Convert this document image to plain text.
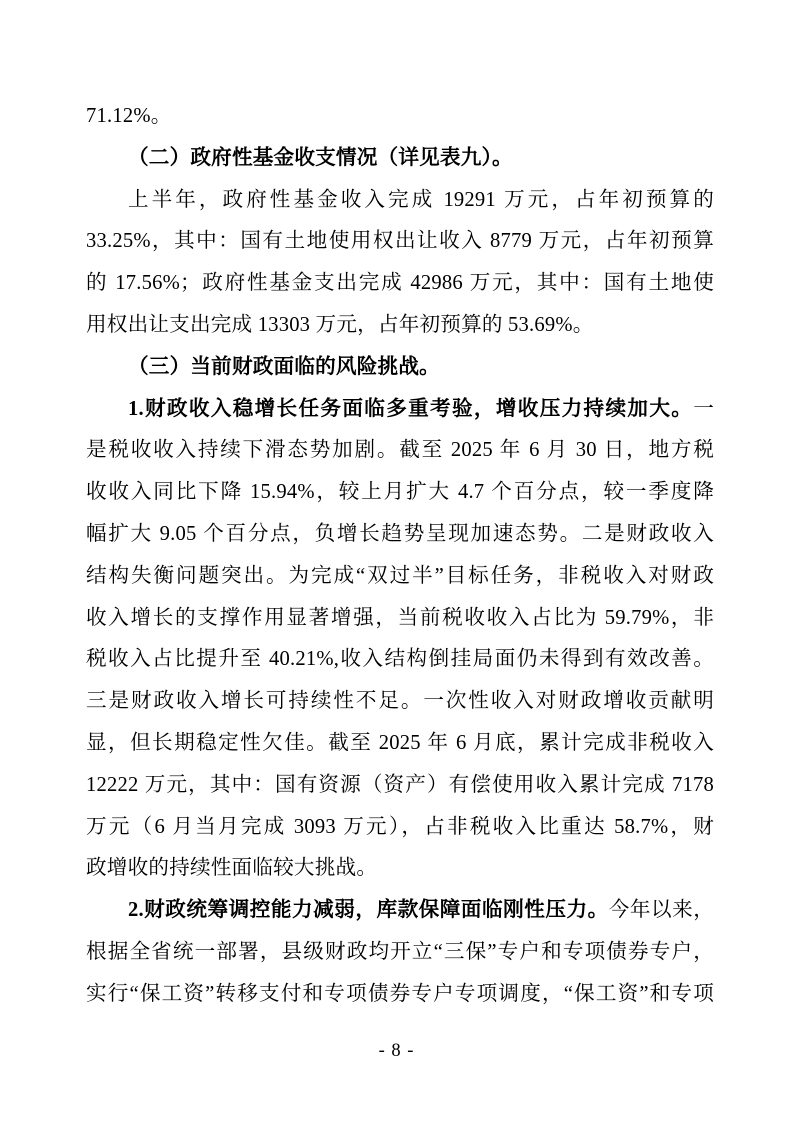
71.12%。
（二）政府性基金收支情况（详见表九）。
上半年，政府性基金收入完成 19291 万元，占年初预算的
33.25%，其中：国有土地使用权出让收入 8779 万元，占年初预算
的 17.56%；政府性基金支出完成 42986 万元，其中：国有土地使
用权出让支出完成 13303 万元，占年初预算的 53.69%。
（三）当前财政面临的风险挑战。
1.财政收入稳增长任务面临多重考验，增收压力持续加大。一
是税收收入持续下滑态势加剧。截至 2025 年 6 月 30 日，地方税
收收入同比下降 15.94%，较上月扩大 4.7 个百分点，较一季度降
幅扩大 9.05 个百分点，负增长趋势呈现加速态势。二是财政收入
结构失衡问题突出。为完成“双过半”目标任务，非税收入对财政
收入增长的支撑作用显著增强，当前税收收入占比为 59.79%，非
税收入占比提升至 40.21%,收入结构倒挂局面仍未得到有效改善。
三是财政收入增长可持续性不足。一次性收入对财政增收贡献明
显，但长期稳定性欠佳。截至 2025 年 6 月底，累计完成非税收入
12222 万元，其中：国有资源（资产）有偿使用收入累计完成 7178
万元（6 月当月完成 3093 万元），占非税收入比重达 58.7%，财
政增收的持续性面临较大挑战。
2.财政统筹调控能力减弱，库款保障面临刚性压力。今年以来，
根据全省统一部署，县级财政均开立“三保”专户和专项债券专户，
实行“保工资”转移支付和专项债券专户专项调度，“保工资”和专项
- 8 -
